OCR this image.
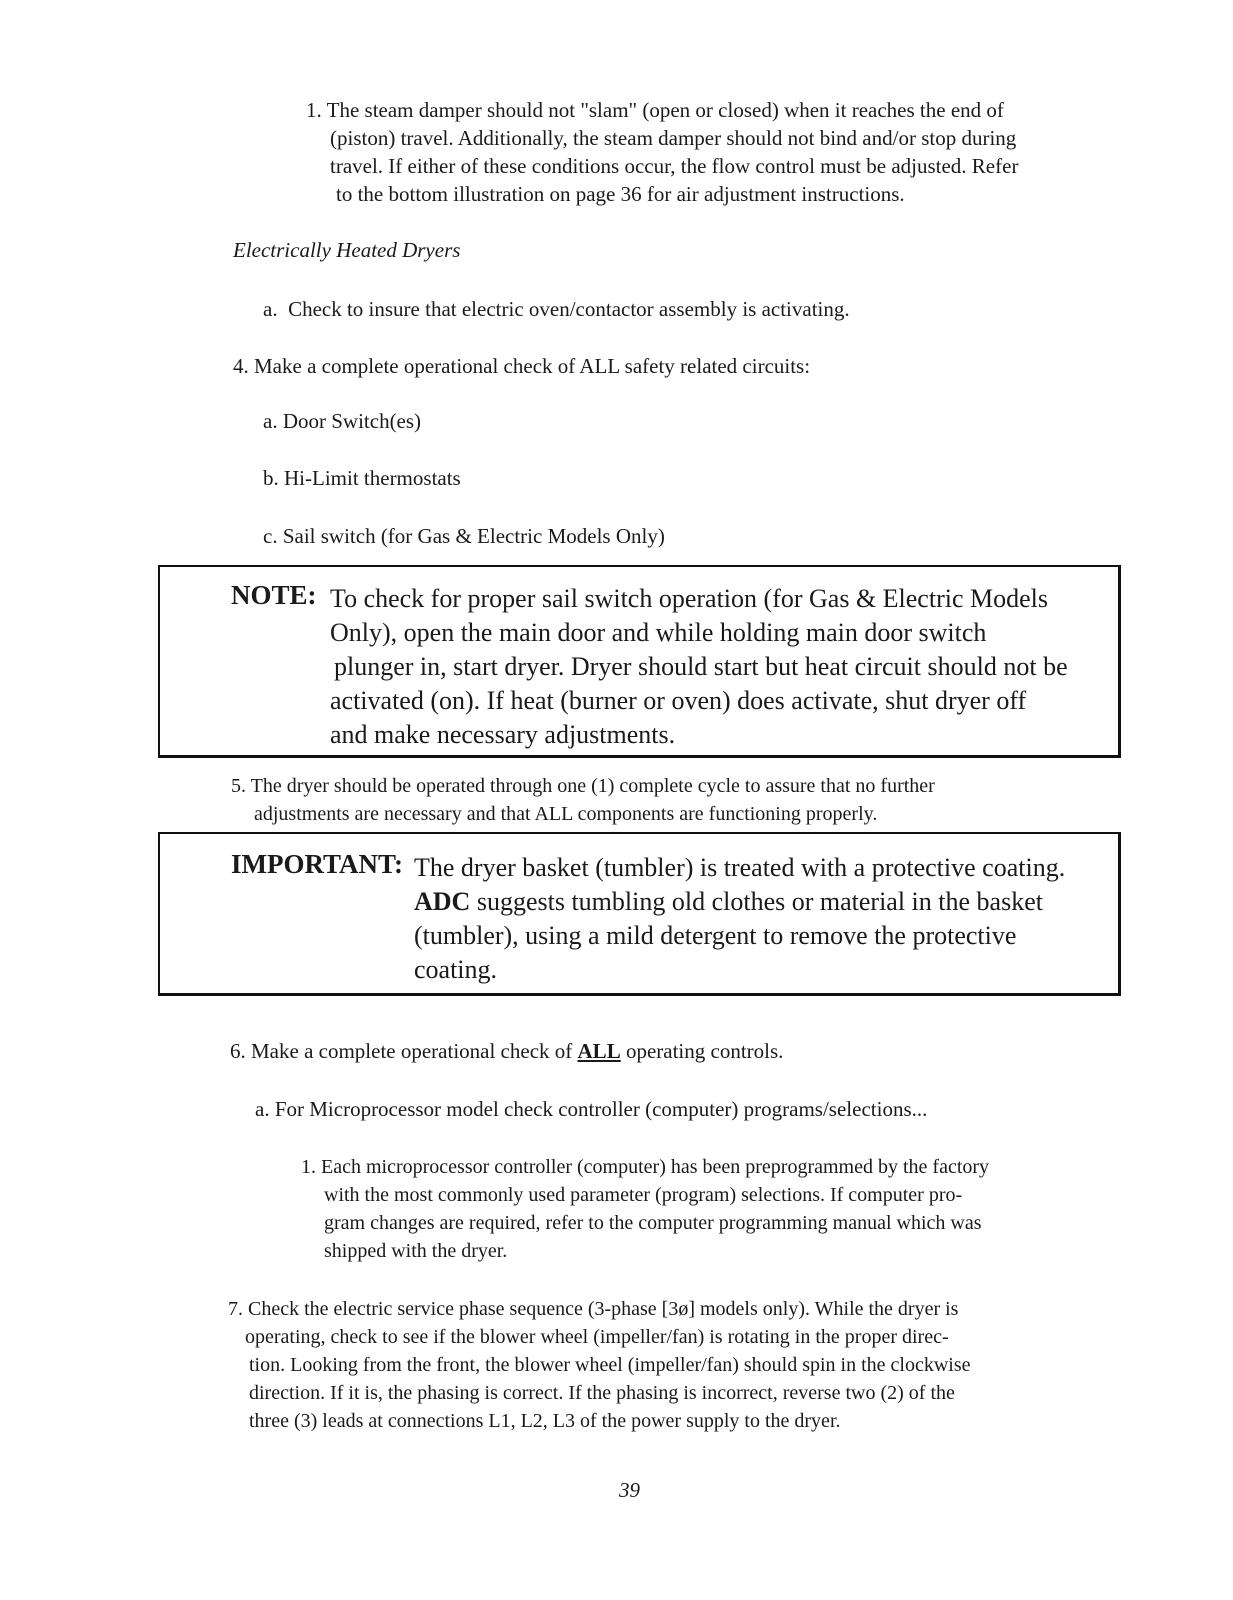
1. The steam damper should not "slam" (open or closed) when it reaches the end of
(piston) travel. Additionally, the steam damper should not bind and/or stop during
travel. If either of these conditions occur, the flow control must be adjusted. Refer
to the bottom illustration on page 36 for air adjustment instructions.
Electrically Heated Dryers
a.  Check to insure that electric oven/contactor assembly is activating.
4. Make a complete operational check of ALL safety related circuits:
a. Door Switch(es)
b. Hi-Limit thermostats
c. Sail switch (for Gas & Electric Models Only)
NOTE: To check for proper sail switch operation (for Gas & Electric Models
Only), open the main door and while holding main door switch
plunger in, start dryer. Dryer should start but heat circuit should not be
activated (on). If heat (burner or oven) does activate, shut dryer off
and make necessary adjustments.
5. The dryer should be operated through one (1) complete cycle to assure that no further
adjustments are necessary and that ALL components are functioning properly.
IMPORTANT: The dryer basket (tumbler) is treated with a protective coating.
ADC suggests tumbling old clothes or material in the basket
(tumbler), using a mild detergent to remove the protective
coating.
6. Make a complete operational check of ALL operating controls.
a. For Microprocessor model check controller (computer) programs/selections...
1. Each microprocessor controller (computer) has been preprogrammed by the factory
with the most commonly used parameter (program) selections. If computer pro-
gram changes are required, refer to the computer programming manual which was
shipped with the dryer.
7. Check the electric service phase sequence (3-phase [3ø] models only). While the dryer is
operating, check to see if the blower wheel (impeller/fan) is rotating in the proper direc-
tion. Looking from the front, the blower wheel (impeller/fan) should spin in the clockwise
direction. If it is, the phasing is correct. If the phasing is incorrect, reverse two (2) of the
three (3) leads at connections L1, L2, L3 of the power supply to the dryer.
39
